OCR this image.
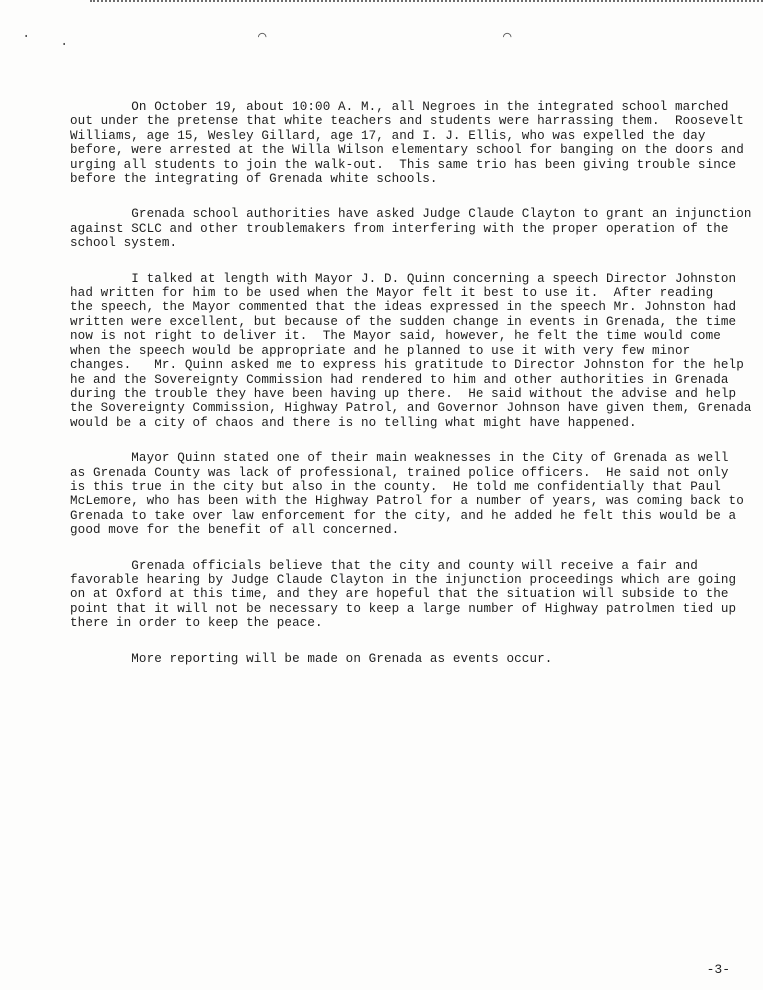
· ·	⌒	⌒

On October 19, about 10:00 A. M., all Negroes in the integrated school marched

out under the pretense that white teachers and students were harrassing them.  Roosevelt

Williams, age 15, Wesley Gillard, age 17, and I. J. Ellis, who was expelled the day

before, were arrested at the Willa Wilson elementary school for banging on the doors and

urging all students to join the walk-out.  This same trio has been giving trouble since

before the integrating of Grenada white schools.

Grenada school authorities have asked Judge Claude Clayton to grant an injunction

against SCLC and other troublemakers from interfering with the proper operation of the

school system.

I talked at length with Mayor J. D. Quinn concerning a speech Director Johnston

had written for him to be used when the Mayor felt it best to use it.  After reading

the speech, the Mayor commented that the ideas expressed in the speech Mr. Johnston had

written were excellent, but because of the sudden change in events in Grenada, the time

now is not right to deliver it.  The Mayor said, however, he felt the time would come

when the speech would be appropriate and he planned to use it with very few minor

changes.   Mr. Quinn asked me to express his gratitude to Director Johnston for the help

he and the Sovereignty Commission had rendered to him and other authorities in Grenada

during the trouble they have been having up there.  He said without the advise and help

the Sovereignty Commission, Highway Patrol, and Governor Johnson have given them, Grenada

would be a city of chaos and there is no telling what might have happened.

Mayor Quinn stated one of their main weaknesses in the City of Grenada as well

as Grenada County was lack of professional, trained police officers.  He said not only

is this true in the city but also in the county.  He told me confidentially that Paul

McLemore, who has been with the Highway Patrol for a number of years, was coming back to

Grenada to take over law enforcement for the city, and he added he felt this would be a

good move for the benefit of all concerned.

Grenada officials believe that the city and county will receive a fair and

favorable hearing by Judge Claude Clayton in the injunction proceedings which are going

on at Oxford at this time, and they are hopeful that the situation will subside to the

point that it will not be necessary to keep a large number of Highway patrolmen tied up

there in order to keep the peace.

More reporting will be made on Grenada as events occur.

-3-
